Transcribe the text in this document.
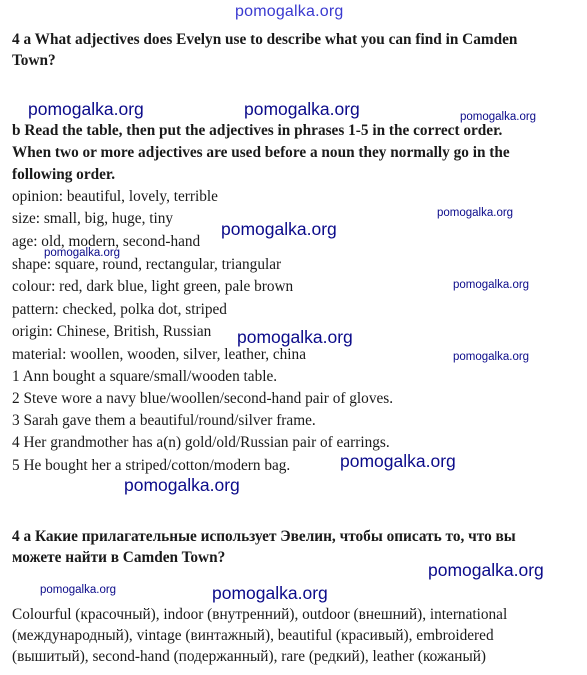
4 a What adjectives does Evelyn use to describe what you can find in Camden
Town?
b Read the table, then put the adjectives in phrases 1-5 in the correct order.
When two or more adjectives are used before a noun they normally go in the
following order.
opinion: beautiful, lovely, terrible
size: small, big, huge, tiny
age: old, modern, second-hand
shape: square, round, rectangular, triangular
colour: red, dark blue, light green, pale brown
pattern: checked, polka dot, striped
origin: Chinese, British, Russian
material: woollen, wooden, silver, leather, china
1 Ann bought a square/small/wooden table.
2 Steve wore a navy blue/woollen/second-hand pair of gloves.
3 Sarah gave them a beautiful/round/silver frame.
4 Her grandmother has a(n) gold/old/Russian pair of earrings.
5 He bought her a striped/cotton/modern bag.
4 а Какие прилагательные использует Эвелин, чтобы описать то, что вы
можете найти в Camden Town?
Colourful (красочный), indoor (внутренний), outdoor (внешний), international
(международный), vintage (винтажный), beautiful (красивый), embroidered
(вышитый), second-hand (подержанный), rare (редкий), leather (кожаный)
pomogalka.org
pomogalka.org	pomogalka.org	pomogalka.org
pomogalka.org
pomogalka.org
pomogalka.org
pomogalka.org
pomogalka.org
pomogalka.org
pomogalka.org
pomogalka.org
pomogalka.org
pomogalka.org	pomogalka.org
